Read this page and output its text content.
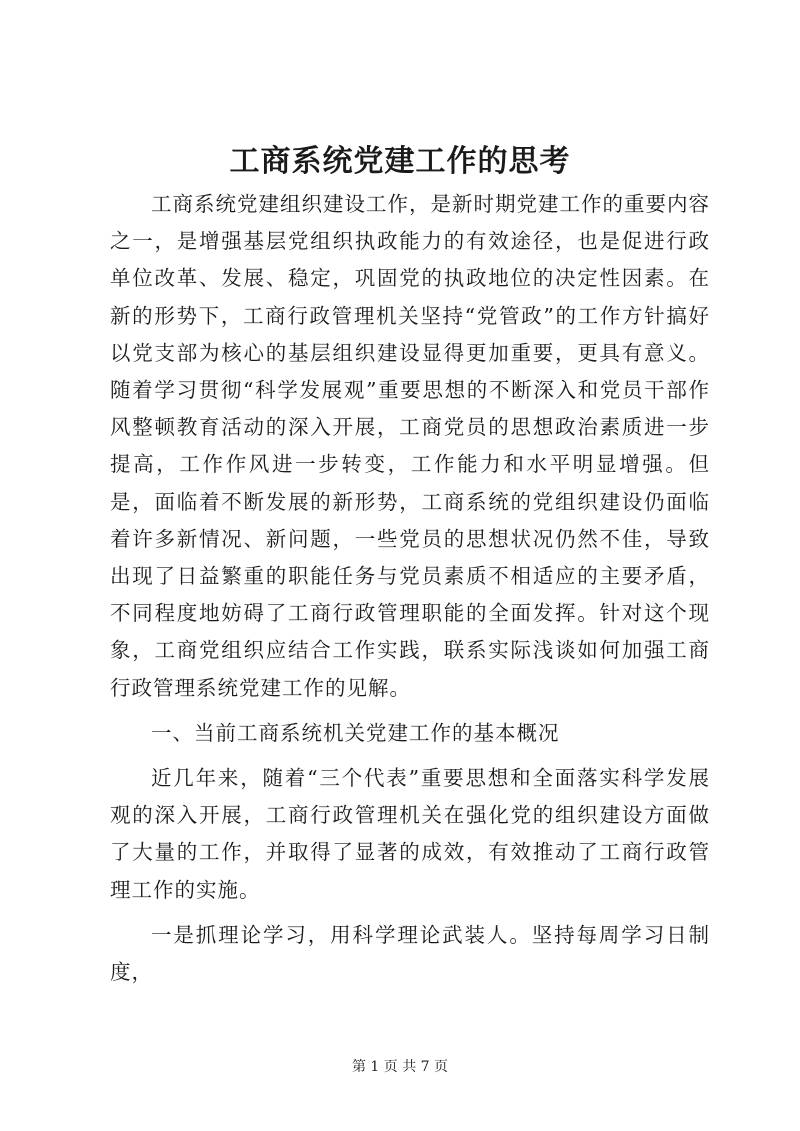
工商系统党建工作的思考

工商系统党建组织建设工作，是新时期党建工作的重要内容之一，是增强基层党组织执政能力的有效途径，也是促进行政单位改革、发展、稳定，巩固党的执政地位的决定性因素。在新的形势下，工商行政管理机关坚持“党管政”的工作方针搞好以党支部为核心的基层组织建设显得更加重要，更具有意义。随着学习贯彻“科学发展观”重要思想的不断深入和党员干部作风整顿教育活动的深入开展，工商党员的思想政治素质进一步提高，工作作风进一步转变，工作能力和水平明显增强。但是，面临着不断发展的新形势，工商系统的党组织建设仍面临着许多新情况、新问题，一些党员的思想状况仍然不佳，导致出现了日益繁重的职能任务与党员素质不相适应的主要矛盾，不同程度地妨碍了工商行政管理职能的全面发挥。针对这个现象，工商党组织应结合工作实践，联系实际浅谈如何加强工商行政管理系统党建工作的见解。

一、当前工商系统机关党建工作的基本概况

近几年来，随着“三个代表”重要思想和全面落实科学发展观的深入开展，工商行政管理机关在强化党的组织建设方面做了大量的工作，并取得了显著的成效，有效推动了工商行政管理工作的实施。

一是抓理论学习，用科学理论武装人。坚持每周学习日制度，

第 1 页 共 7 页
